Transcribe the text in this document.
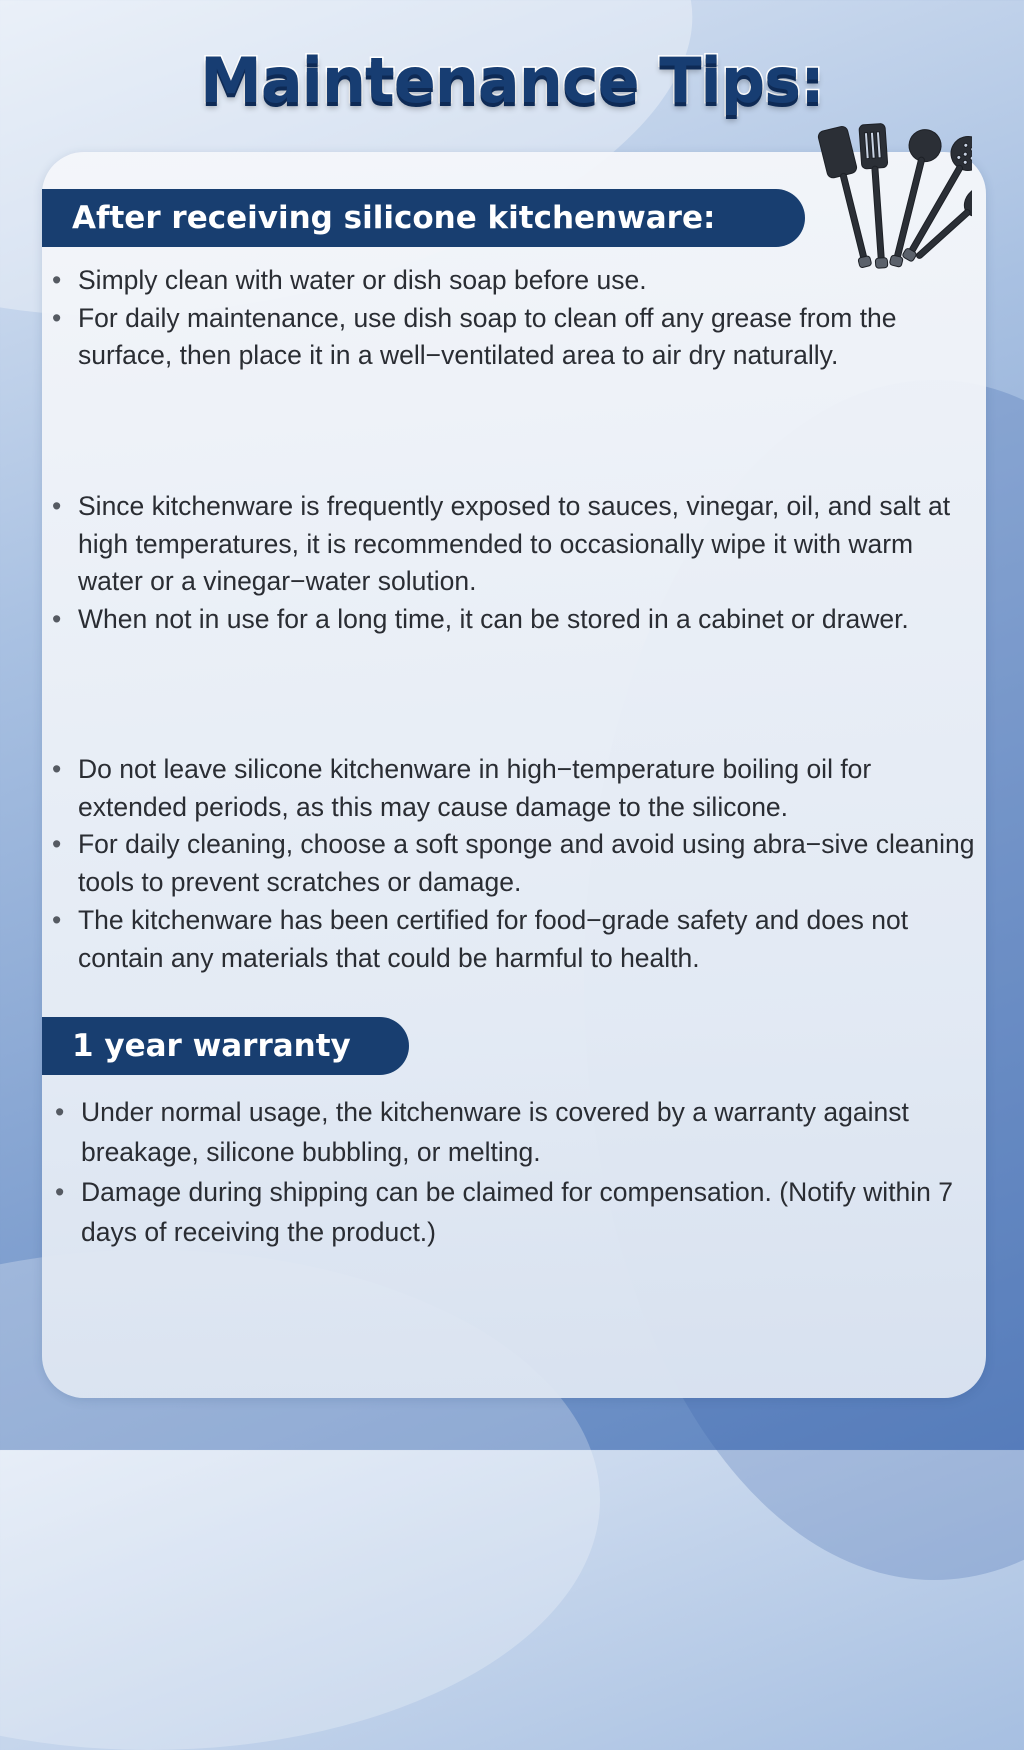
Maintenance Tips:
After receiving silicone kitchenware:
• Simply clean with water or dish soap before use.
• For daily maintenance, use dish soap to clean off any grease from the surface, then place it in a well−ventilated area to air dry naturally.
• Since kitchenware is frequently exposed to sauces, vinegar, oil, and salt at high temperatures, it is recommended to occasionally wipe it with warm water or a vinegar−water solution.
• When not in use for a long time, it can be stored in a cabinet or drawer.
• Do not leave silicone kitchenware in high−temperature boiling oil for extended periods, as this may cause damage to the silicone.
• For daily cleaning, choose a soft sponge and avoid using abra−sive cleaning tools to prevent scratches or damage.
• The kitchenware has been certified for food−grade safety and does not contain any materials that could be harmful to health.
1 year warranty
• Under normal usage, the kitchenware is covered by a warranty against breakage, silicone bubbling, or melting.
• Damage during shipping can be claimed for compensation. (Notify within 7 days of receiving the product.)
